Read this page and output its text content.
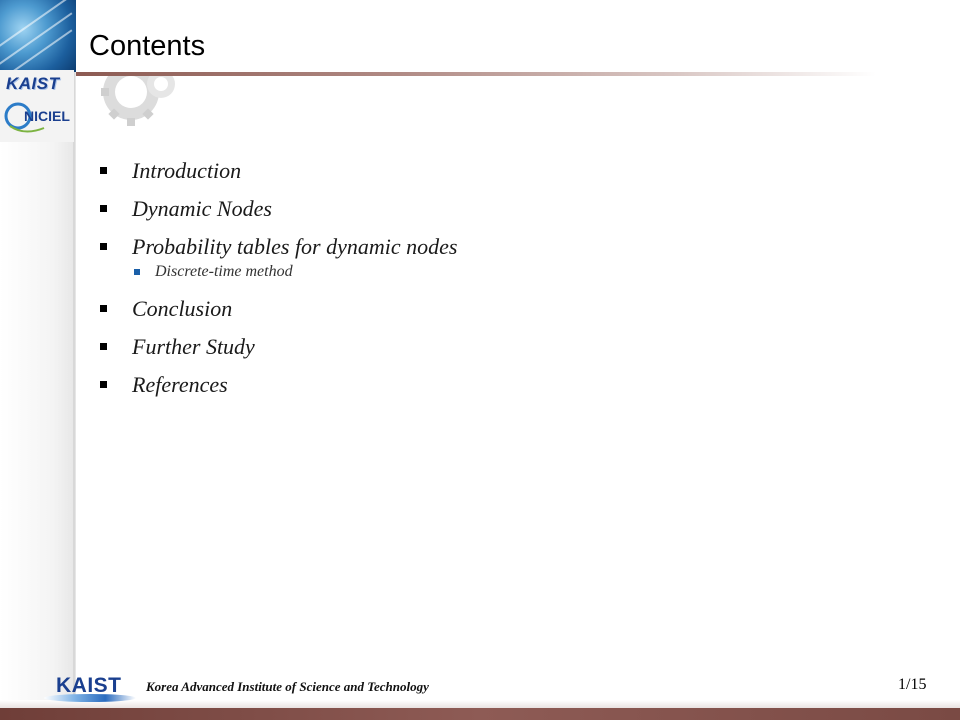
KAIST
NICIEL
Contents
Introduction
Dynamic Nodes
Probability tables for dynamic nodes
Discrete-time method
Conclusion
Further Study
References
KAIST Korea Advanced Institute of Science and Technology	1/15
